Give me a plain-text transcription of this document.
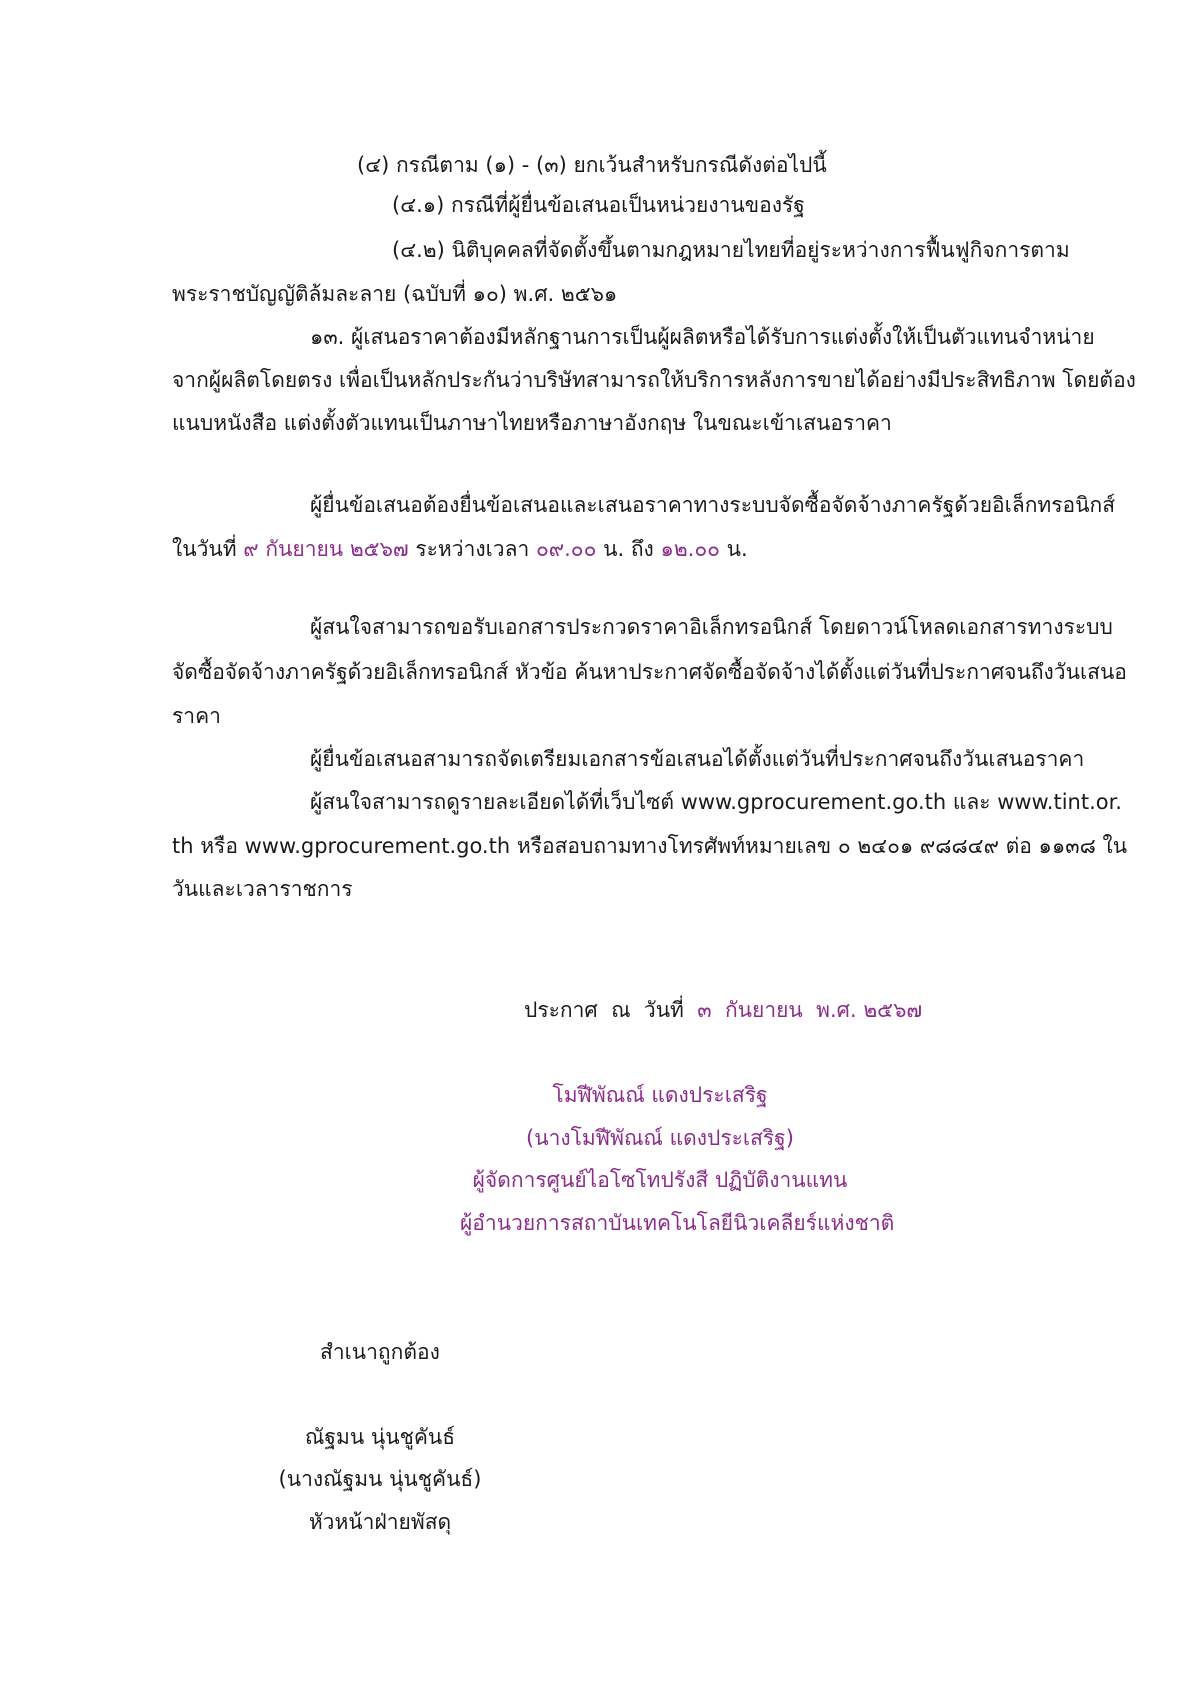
(๔) กรณีตาม (๑) - (๓) ยกเว้นสำหรับกรณีดังต่อไปนี้
(๔.๑) กรณีที่ผู้ยื่นข้อเสนอเป็นหน่วยงานของรัฐ
(๔.๒) นิติบุคคลที่จัดตั้งขึ้นตามกฎหมายไทยที่อยู่ระหว่างการฟื้นฟูกิจการตาม
พระราชบัญญัติล้มละลาย (ฉบับที่ ๑๐) พ.ศ. ๒๕๖๑
๑๓. ผู้เสนอราคาต้องมีหลักฐานการเป็นผู้ผลิตหรือได้รับการแต่งตั้งให้เป็นตัวแทนจำหน่าย
จากผู้ผลิตโดยตรง เพื่อเป็นหลักประกันว่าบริษัทสามารถให้บริการหลังการขายได้อย่างมีประสิทธิภาพ โดยต้อง
แนบหนังสือ แต่งตั้งตัวแทนเป็นภาษาไทยหรือภาษาอังกฤษ ในขณะเข้าเสนอราคา
ผู้ยื่นข้อเสนอต้องยื่นข้อเสนอและเสนอราคาทางระบบจัดซื้อจัดจ้างภาครัฐด้วยอิเล็กทรอนิกส์
ในวันที่ ๙ กันยายน ๒๕๖๗ ระหว่างเวลา ๐๙.๐๐ น. ถึง ๑๒.๐๐ น.
ผู้สนใจสามารถขอรับเอกสารประกวดราคาอิเล็กทรอนิกส์ โดยดาวน์โหลดเอกสารทางระบบ
จัดซื้อจัดจ้างภาครัฐด้วยอิเล็กทรอนิกส์ หัวข้อ ค้นหาประกาศจัดซื้อจัดจ้างได้ตั้งแต่วันที่ประกาศจนถึงวันเสนอ
ราคา
ผู้ยื่นข้อเสนอสามารถจัดเตรียมเอกสารข้อเสนอได้ตั้งแต่วันที่ประกาศจนถึงวันเสนอราคา
ผู้สนใจสามารถดูรายละเอียดได้ที่เว็บไซต์ www.gprocurement.go.th และ www.tint.or.
th หรือ www.gprocurement.go.th หรือสอบถามทางโทรศัพท์หมายเลข ๐ ๒๔๐๑ ๙๘๘๔๙ ต่อ ๑๑๓๘ ใน
วันและเวลาราชการ
ประกาศ  ณ  วันที่  ๓  กันยายน  พ.ศ. ๒๕๖๗
โมฬีพัณณ์ แดงประเสริฐ
(นางโมฬีพัณณ์ แดงประเสริฐ)
ผู้จัดการศูนย์ไอโซโทปรังสี ปฏิบัติงานแทน
ผู้อำนวยการสถาบันเทคโนโลยีนิวเคลียร์แห่งชาติ
สำเนาถูกต้อง
ณัฐมน นุ่นชูคันธ์
(นางณัฐมน นุ่นชูคันธ์)
หัวหน้าฝ่ายพัสดุ
